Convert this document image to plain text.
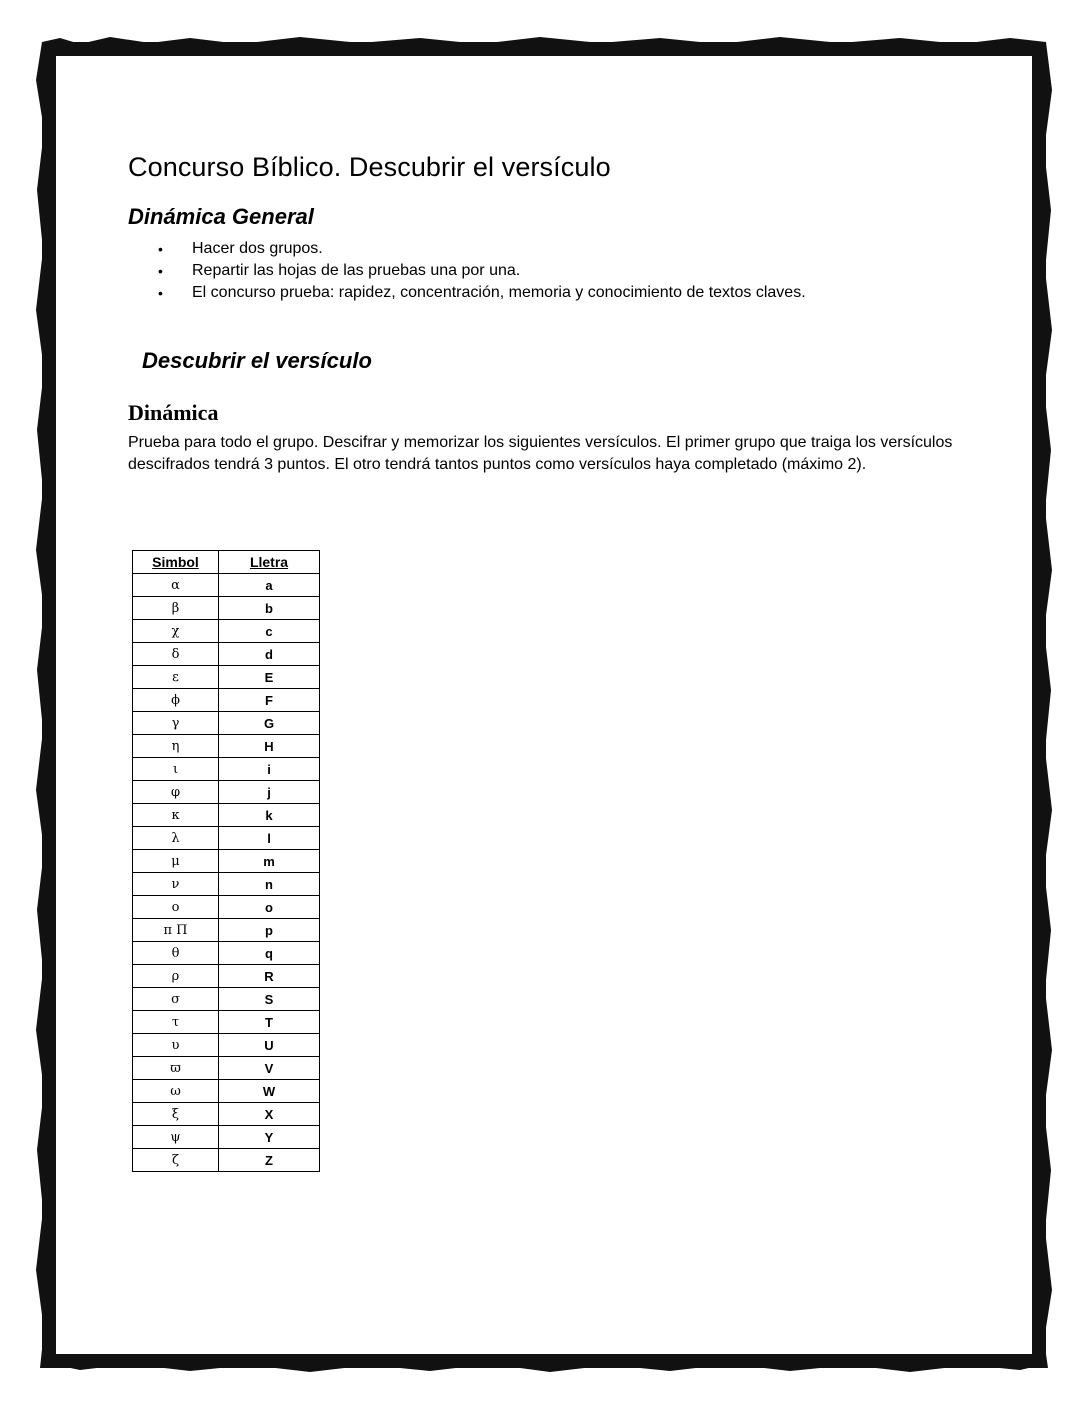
Concurso Bíblico. Descubrir el versículo
Dinámica General
• Hacer dos grupos.
• Repartir las hojas de las pruebas una por una.
• El concurso prueba: rapidez, concentración, memoria y conocimiento de textos claves.
Descubrir el versículo
Dinámica

Prueba para todo el grupo. Descifrar y memorizar los siguientes versículos. El primer grupo que traiga los versículos descifrados tendrá 3 puntos. El otro tendrá tantos puntos como versículos haya completado (máximo 2).

Simbol	Lletra
α	a
β	b
χ	c
δ	d
ε	E
ϕ	F
γ	G
η	H
ι	i
φ	j
κ	k
λ	l
μ	m
ν	n
ο	o
π Π	p
θ	q
ρ	R
σ	S
τ	T
υ	U
ϖ	V
ω	W
ξ	X
ψ	Y
ζ	Z
